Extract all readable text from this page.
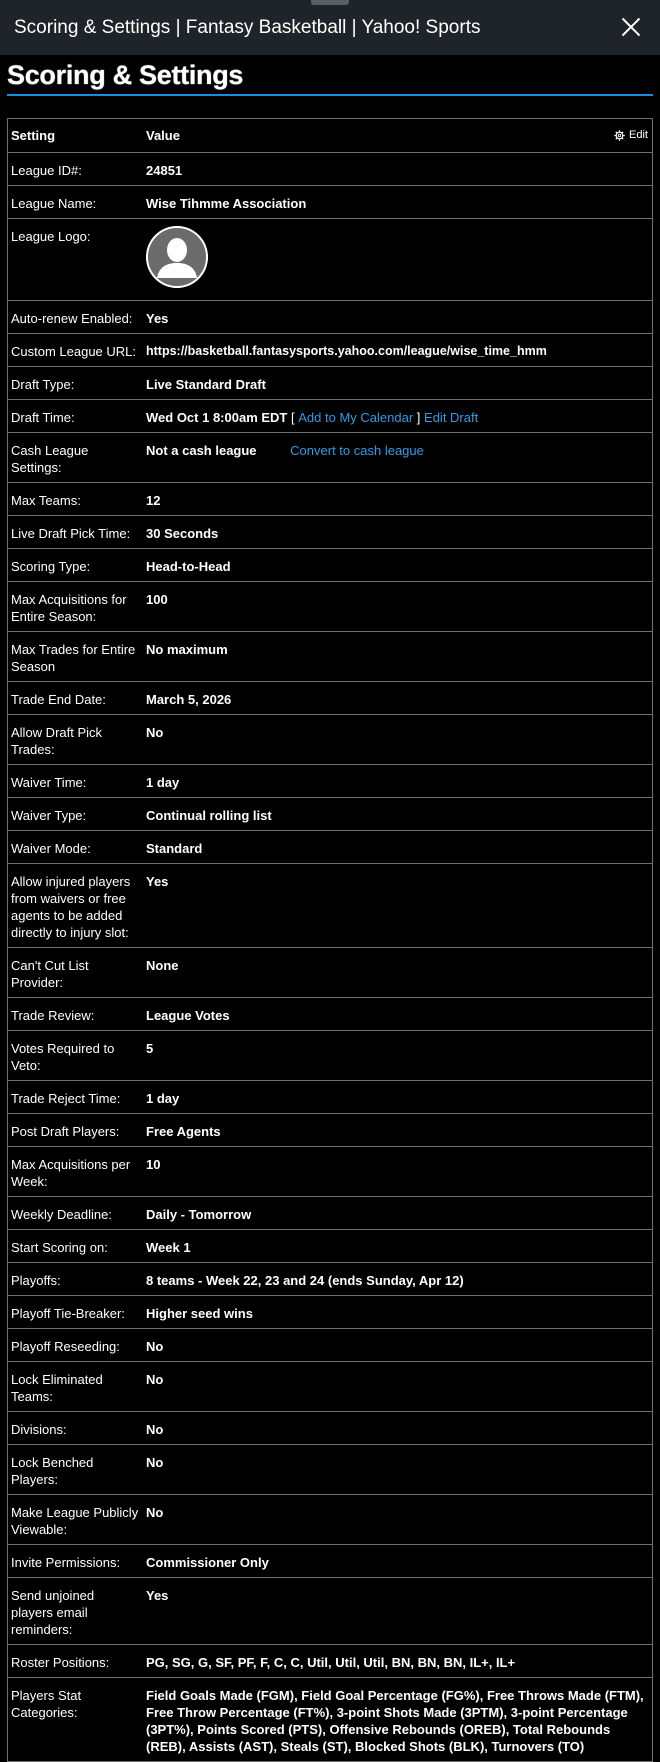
Scoring & Settings | Fantasy Basketball | Yahoo! Sports
Scoring & Settings
Setting	Value Edit

League ID#:	24851
League Name:	Wise Tihmme Association
League Logo:	

Auto-renew Enabled:	Yes
Custom League URL:	https://basketball.fantasysports.yahoo.com/league/wise_time_hmm
Draft Type:	Live Standard Draft
Draft Time:	Wed Oct 1 8:00am EDT [ Add to My Calendar ] Edit Draft
Cash League Settings:	Not a cash league Convert to cash league
Max Teams:	12
Live Draft Pick Time:	30 Seconds
Scoring Type:	Head-to-Head
Max Acquisitions for Entire Season:	100
Max Trades for Entire Season	No maximum
Trade End Date:	March 5, 2026
Allow Draft Pick Trades:	No
Waiver Time:	1 day
Waiver Type:	Continual rolling list
Waiver Mode:	Standard
Allow injured players from waivers or free agents to be added directly to injury slot:	Yes
Can't Cut List Provider:	None
Trade Review:	League Votes
Votes Required to Veto:	5
Trade Reject Time:	1 day
Post Draft Players:	Free Agents
Max Acquisitions per Week:	10
Weekly Deadline:	Daily - Tomorrow
Start Scoring on:	Week 1
Playoffs:	8 teams - Week 22, 23 and 24 (ends Sunday, Apr 12)
Playoff Tie-Breaker:	Higher seed wins
Playoff Reseeding:	No
Lock Eliminated Teams:	No
Divisions:	No
Lock Benched Players:	No
Make League Publicly Viewable:	No
Invite Permissions:	Commissioner Only
Send unjoined players email reminders:	Yes
Roster Positions:	PG, SG, G, SF, PF, F, C, C, Util, Util, Util, BN, BN, BN, IL+, IL+
Players Stat Categories:	Field Goals Made (FGM), Field Goal Percentage (FG%), Free Throws Made (FTM), Free Throw Percentage (FT%), 3-point Shots Made (3PTM), 3-point Percentage (3PT%), Points Scored (PTS), Offensive Rebounds (OREB), Total Rebounds (REB), Assists (AST), Steals (ST), Blocked Shots (BLK), Turnovers (TO)
